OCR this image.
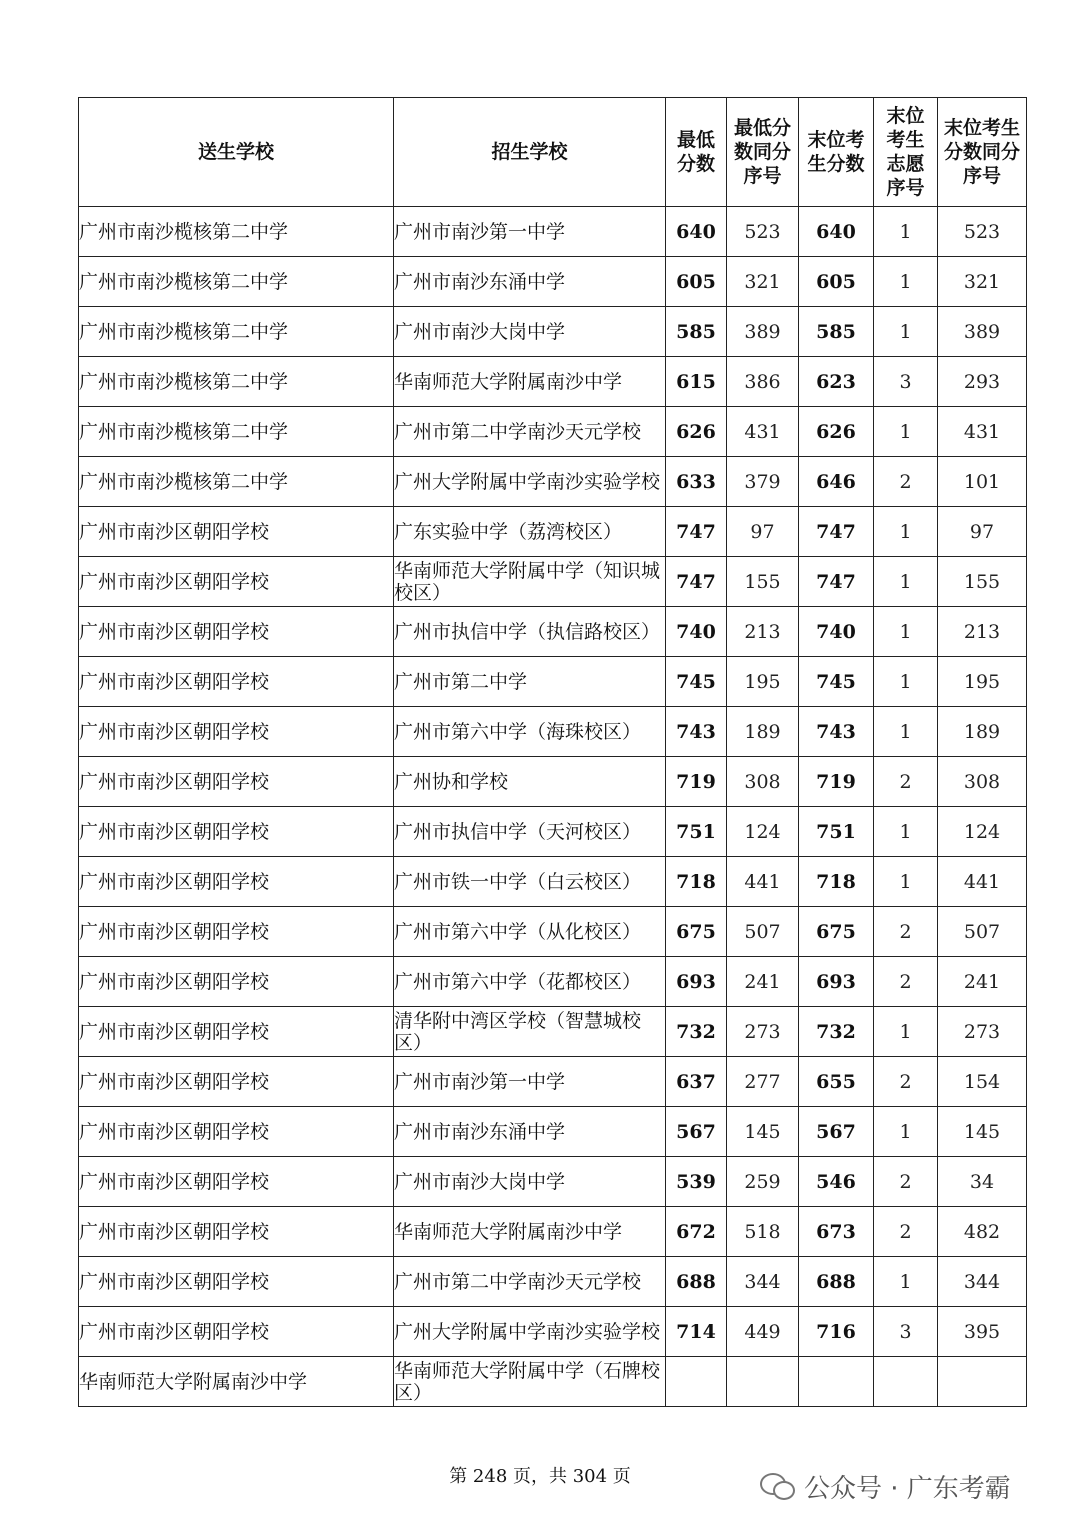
送生学校	招生学校	最低分数	最低分数同分序号	末位考生分数	末位考生志愿序号	末位考生分数同分序号

广州市南沙榄核第二中学	广州市南沙第一中学	640	523	640	1	523

广州市南沙榄核第二中学	广州市南沙东涌中学	605	321	605	1	321

广州市南沙榄核第二中学	广州市南沙大岗中学	585	389	585	1	389

广州市南沙榄核第二中学	华南师范大学附属南沙中学	615	386	623	3	293

广州市南沙榄核第二中学	广州市第二中学南沙天元学校	626	431	626	1	431

广州市南沙榄核第二中学	广州大学附属中学南沙实验学校	633	379	646	2	101

广州市南沙区朝阳学校	广东实验中学（荔湾校区）	747	97	747	1	97

广州市南沙区朝阳学校	华南师范大学附属中学（知识城校区）	747	155	747	1	155

广州市南沙区朝阳学校	广州市执信中学（执信路校区）	740	213	740	1	213

广州市南沙区朝阳学校	广州市第二中学	745	195	745	1	195

广州市南沙区朝阳学校	广州市第六中学（海珠校区）	743	189	743	1	189

广州市南沙区朝阳学校	广州协和学校	719	308	719	2	308

广州市南沙区朝阳学校	广州市执信中学（天河校区）	751	124	751	1	124

广州市南沙区朝阳学校	广州市铁一中学（白云校区）	718	441	718	1	441

广州市南沙区朝阳学校	广州市第六中学（从化校区）	675	507	675	2	507

广州市南沙区朝阳学校	广州市第六中学（花都校区）	693	241	693	2	241

广州市南沙区朝阳学校	清华附中湾区学校（智慧城校区）	732	273	732	1	273

广州市南沙区朝阳学校	广州市南沙第一中学	637	277	655	2	154

广州市南沙区朝阳学校	广州市南沙东涌中学	567	145	567	1	145

广州市南沙区朝阳学校	广州市南沙大岗中学	539	259	546	2	34

广州市南沙区朝阳学校	华南师范大学附属南沙中学	672	518	673	2	482

广州市南沙区朝阳学校	广州市第二中学南沙天元学校	688	344	688	1	344

广州市南沙区朝阳学校	广州大学附属中学南沙实验学校	714	449	716	3	395

华南师范大学附属南沙中学	华南师范大学附属中学（石牌校区）					

第 248 页，共 304 页	公众号 · 广东考霸
